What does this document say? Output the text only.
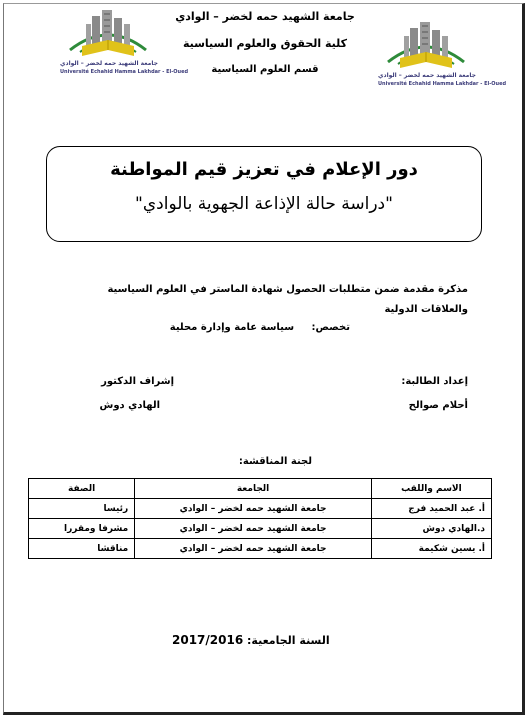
جامعة الشهيد حمه لخضر – الوادي
Université Echahid Hamma Lakhdar - El-Oued	جامعة الشهيد حمه لخضر – الوادي
Université Echahid Hamma Lakhdar - El-Oued
جامعة الشهيد حمه لخضر – الوادي
كلية الحقوق والعلوم السياسية
قسم العلوم السياسية
دور الإعلام في تعزيز قيم المواطنة
"دراسة حالة الإذاعة الجهوية بالوادي"
مذكرة مقدمة ضمن متطلبات الحصول شهادة الماستر في العلوم السياسية
والعلاقات الدولية
تخصص:     سياسة عامة وإدارة محلية
إعداد الطالبة:
أحلام صوالح
إشراف الدكتور
الهادي دوش
لجنة المناقشة:
الاسم واللقب	الجامعة	الصفة
أ. عبد الحميد فرج	جامعة الشهيد حمه لخضر – الوادي	رئيسا
د.الهادي دوش	جامعة الشهيد حمه لخضر – الوادي	مشرفا ومقررا
أ. يسين شكيمة	جامعة الشهيد حمه لخضر – الوادي	مناقشا
السنة الجامعية: 2017/2016
